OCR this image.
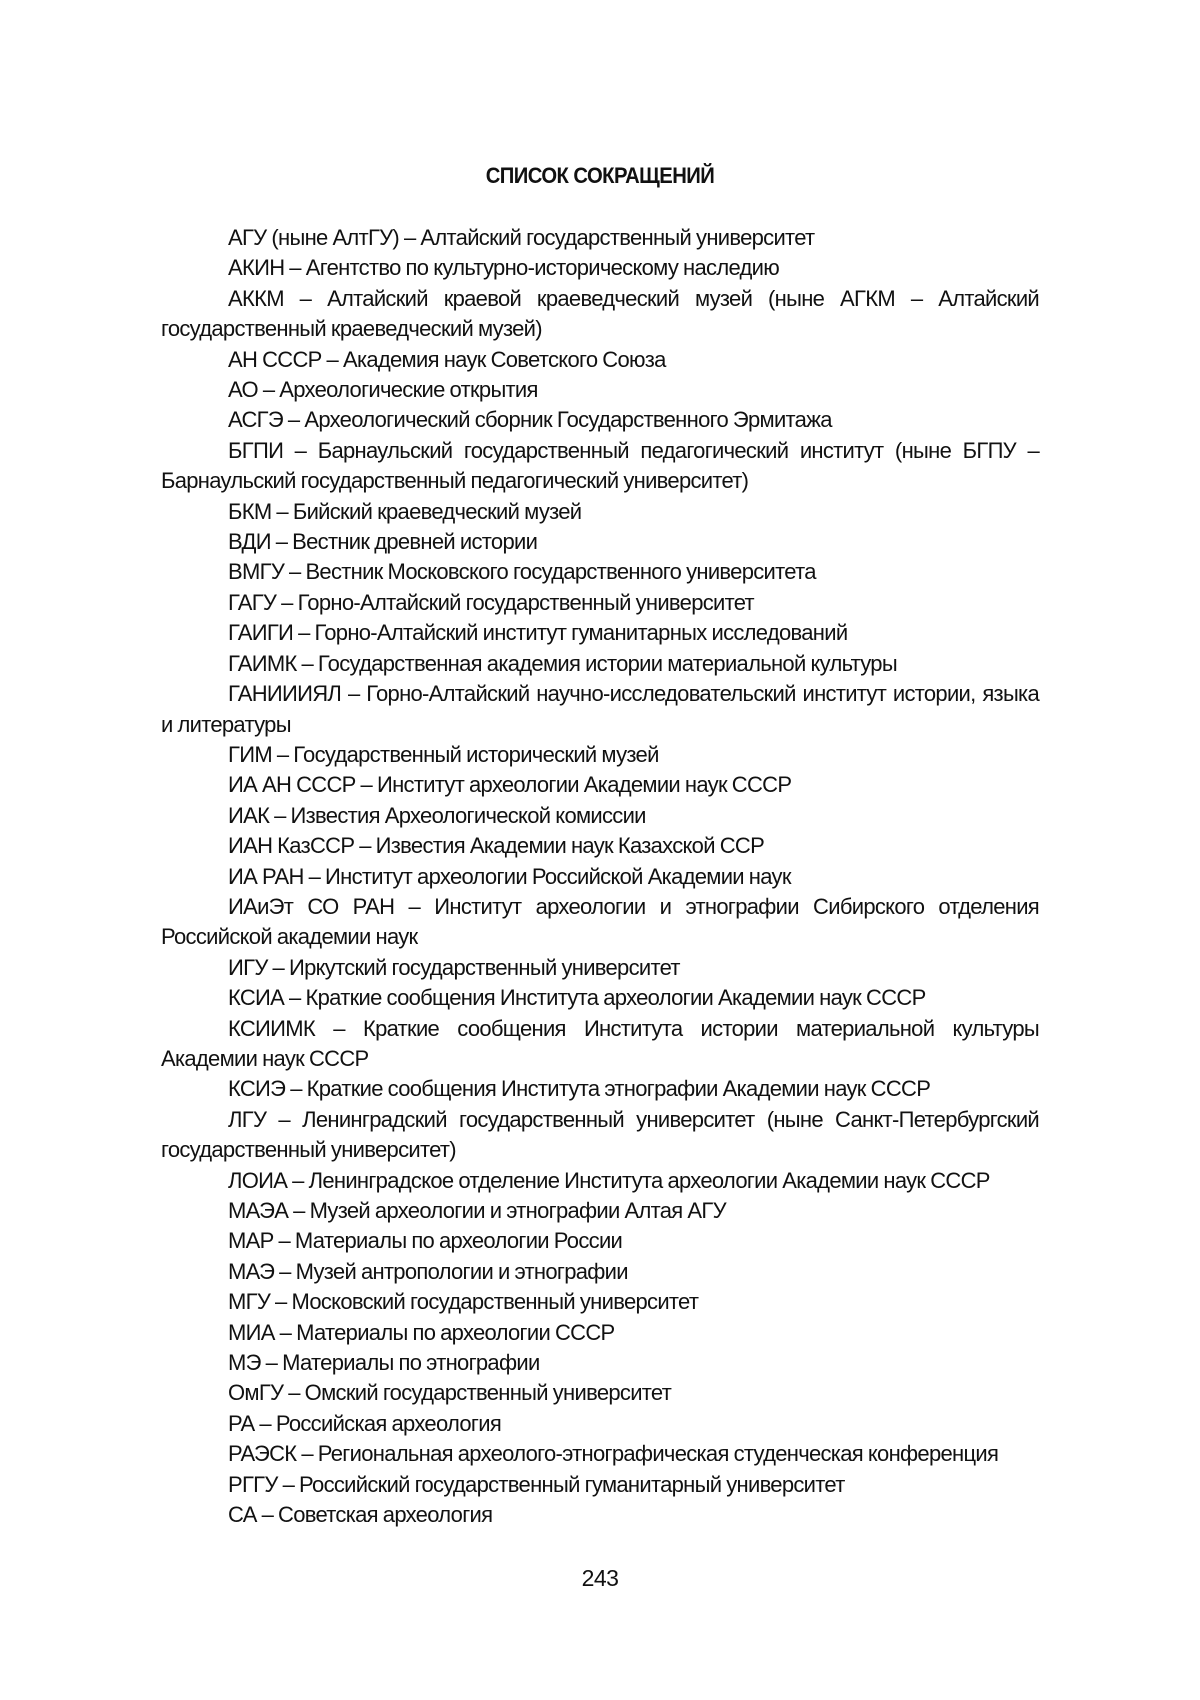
СПИСОК СОКРАЩЕНИЙ
АГУ (ныне АлтГУ) – Алтайский государственный университет
АКИН – Агентство по культурно-историческому наследию
АККМ – Алтайский краевой краеведческий музей (ныне АГКМ – Алтайский государственный краеведческий музей)
АН СССР – Академия наук Советского Союза
АО – Археологические открытия
АСГЭ – Археологический сборник Государственного Эрмитажа
БГПИ – Барнаульский государственный педагогический институт (ныне БГПУ – Барнаульский государственный педагогический университет)
БКМ – Бийский краеведческий музей
ВДИ – Вестник древней истории
ВМГУ – Вестник Московского государственного университета
ГАГУ – Горно-Алтайский государственный университет
ГАИГИ – Горно-Алтайский институт гуманитарных исследований
ГАИМК – Государственная академия истории материальной культуры
ГАНИИИЯЛ – Горно-Алтайский научно-исследовательский институт истории, языка и литературы
ГИМ – Государственный исторический музей
ИА АН СССР – Институт археологии Академии наук СССР
ИАК – Известия Археологической комиссии
ИАН КазССР – Известия Академии наук Казахской ССР
ИА РАН – Институт археологии Российской Академии наук
ИАиЭт СО РАН – Институт археологии и этнографии Сибирского отделения Российской академии наук
ИГУ – Иркутский государственный университет
КСИА – Краткие сообщения Института археологии Академии наук СССР
КСИИМК – Краткие сообщения Института истории материальной культуры Академии наук СССР
КСИЭ – Краткие сообщения Института этнографии Академии наук СССР
ЛГУ – Ленинградский государственный университет (ныне Санкт-Петербургский государственный университет)
ЛОИА – Ленинградское отделение Института археологии Академии наук СССР
МАЭА – Музей археологии и этнографии Алтая АГУ
МАР – Материалы по археологии России
МАЭ – Музей антропологии и этнографии
МГУ – Московский государственный университет
МИА – Материалы по археологии СССР
МЭ – Материалы по этнографии
ОмГУ – Омский государственный университет
РА – Российская археология
РАЭСК – Региональная археолого-этнографическая студенческая конференция
РГГУ – Российский государственный гуманитарный университет
СА – Советская археология
243
